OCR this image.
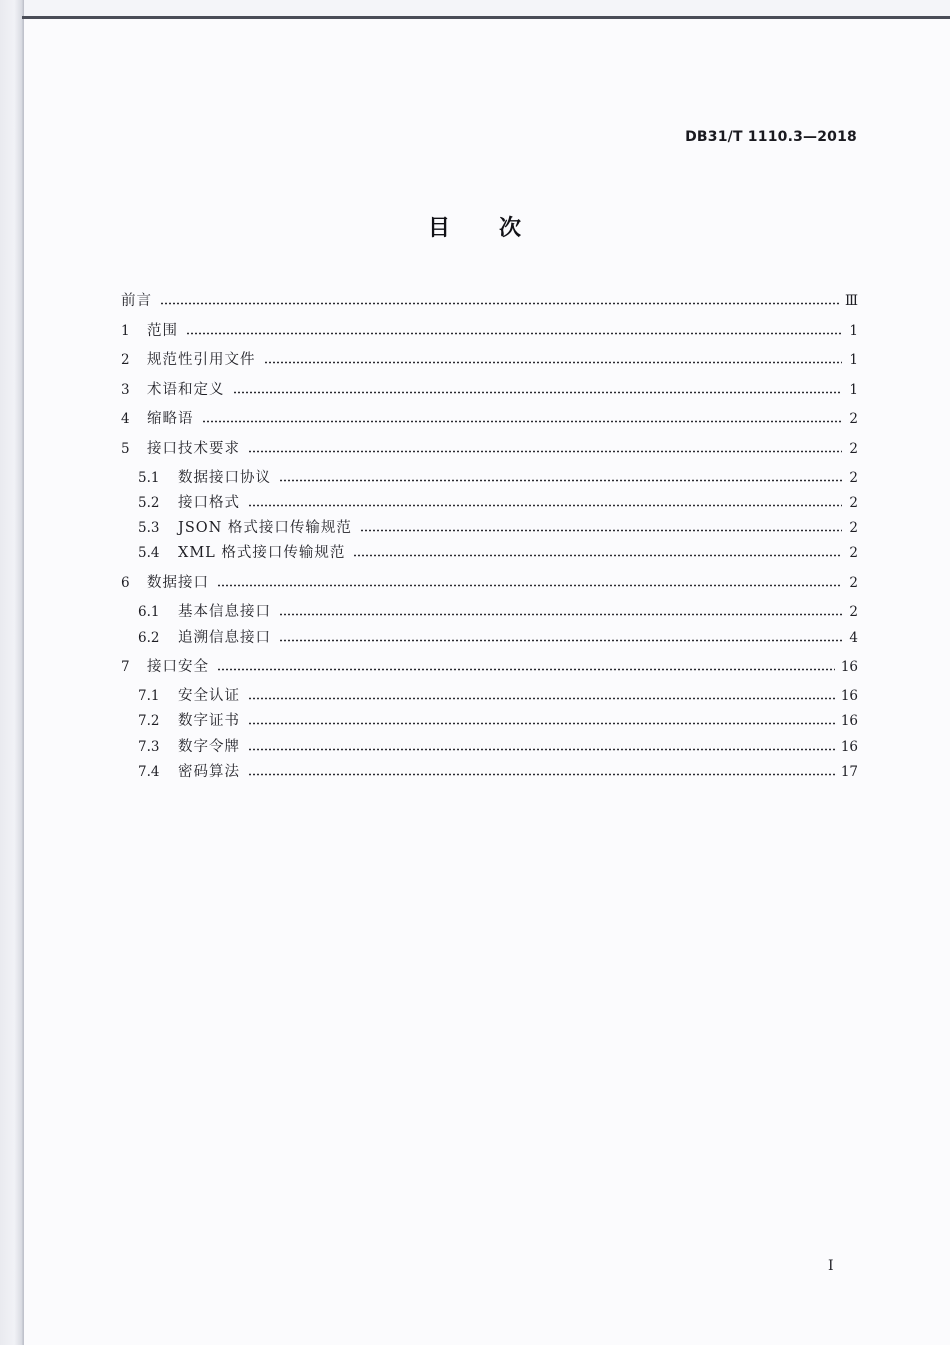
DB31/T 1110.3—2018
目 次
前言	Ⅲ
1	范围	1
2	规范性引用文件	1
3	术语和定义	1
4	缩略语	2
5	接口技术要求	2
5.1	数据接口协议	2
5.2	接口格式	2
5.3	JSON 格式接口传输规范	2
5.4	XML 格式接口传输规范	2
6	数据接口	2
6.1	基本信息接口	2
6.2	追溯信息接口	4
7	接口安全	16
7.1	安全认证	16
7.2	数字证书	16
7.3	数字令牌	16
7.4	密码算法	17
I
